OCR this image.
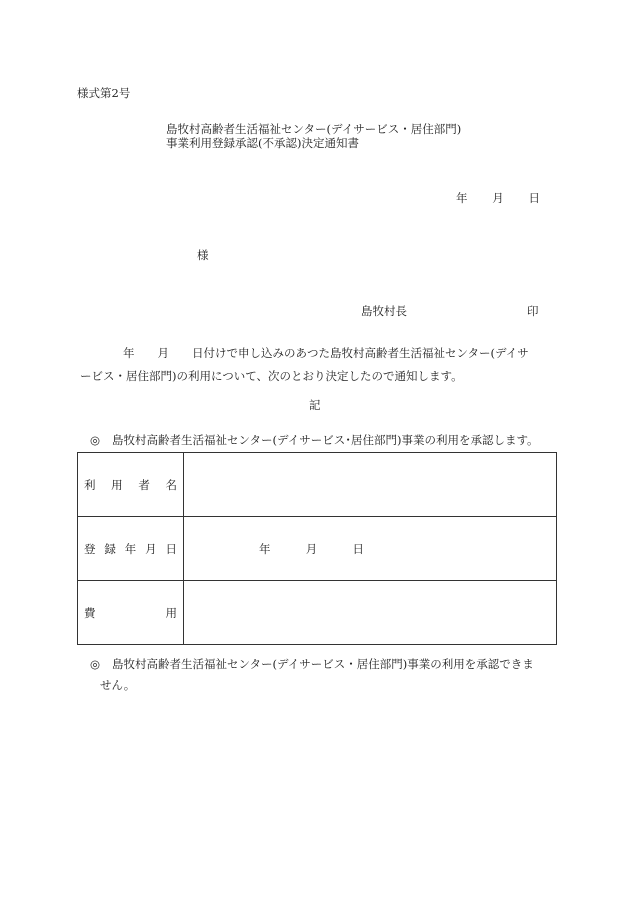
様式第2号
島牧村高齢者生活福祉センター(デイサービス・居住部門)
事業利用登録承認(不承認)決定通知書
年 月 日
様
島牧村長	印
年 月 日付けで申し込みのあつた島牧村高齢者生活福祉センター(デイサ
ービス・居住部門)の利用について、次のとおり決定したので通知します。
記
◎ 島牧村高齢者生活福祉センター(デイサービス･居住部門)事業の利用を承認します。
利 用 者 名	

登 録 年 月 日	年 月 日

費 用	

◎ 島牧村高齢者生活福祉センター(デイサービス・居住部門)事業の利用を承認できま
せん。
